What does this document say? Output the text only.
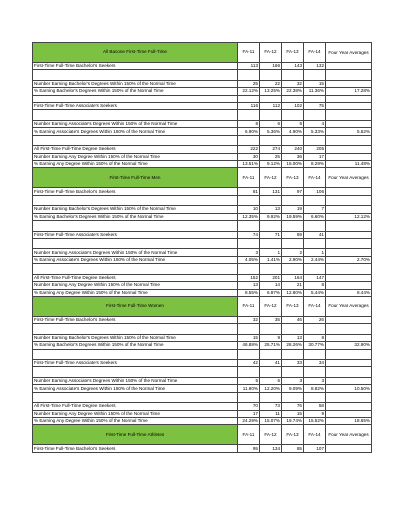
All Bacone First-Time Full-Time	FA-11	FA-12	FA-13	FA-14	Four Year Averages
First-Time Full-Time Bachelor's Seekers	113	166	143	132	

Number Earning Bachelor's Degrees Within 150% of the Normal Time	25	22	32	15	
% Earning Bachelor's Degrees Within 150% of the Normal Time	22.12%	13.25%	22.38%	11.36%	17.28%

First-Time Full-Time Associate's Seekers	116	112	102	75	

Number Earning Associate's Degrees Within 150% of the Normal Time	8	6	5	4	
% Earning Associate's Degrees Within 150% of the Normal Time	6.90%	5.36%	4.90%	5.33%	5.62%

All First-Time Full-Time Degree Seekers	222	274	240	205	
Number Earning Any Degree Within 150% of the Normal Time	30	25	36	17	
% Earning Any Degree Within 150% of the Normal Time	13.51%	9.12%	15.00%	8.29%	11.48%
First-Time Full-Time Men	FA-11	FA-12	FA-13	FA-14	Four Year Averages
First-Time Full-Time Bachelor's Seekers	81	131	97	106	

Number Earning Bachelor's Degrees Within 150% of the Normal Time	10	13	19	7	
% Earning Bachelor's Degrees Within 150% of the Normal Time	12.35%	9.92%	19.59%	6.60%	12.12%

First-Time Full-Time Associate's Seekers	74	71	69	41	

Number Earning Associate's Degrees Within 150% of the Normal Time	3	1	2	1	
% Earning Associate's Degrees Within 150% of the Normal Time	4.05%	1.41%	2.90%	2.44%	2.70%

All First-Time Full-Time Degree Seekers	152	201	164	147	
Number Earning Any Degree Within 150% of the Normal Time	13	14	21	8	
% Earning Any Degree Within 150% of the Normal Time	8.55%	6.97%	12.80%	5.44%	8.44%
First-Time Full-Time Women	FA-11	FA-12	FA-13	FA-14	Four Year Averages
First-Time Full-Time Bachelor's Seekers	32	35	46	26	

Number Earning Bachelor's Degrees Within 150% of the Normal Time	15	9	13	8	
% Earning Bachelor's Degrees Within 150% of the Normal Time	46.88%	25.71%	28.26%	30.77%	32.90%

First-Time Full-Time Associate's Seekers	42	41	33	34	

Number Earning Associate's Degrees Within 150% of the Normal Time	5	5	3	3	
% Earning Associate's Degrees Within 150% of the Normal Time	11.90%	12.20%	9.09%	8.82%	10.50%

All First-Time Full-Time Degree Seekers	70	73	76	58	
Number Earning Any Degree Within 150% of the Normal Time	17	11	15	9	
% Earning Any Degree Within 150% of the Normal Time	24.29%	15.07%	19.74%	15.52%	18.65%
First-Time Full-Time Athletes	FA-11	FA-12	FA-13	FA-14	Four Year Averages
First-Time Full-Time Bachelor's Seekers	95	134	85	107	
